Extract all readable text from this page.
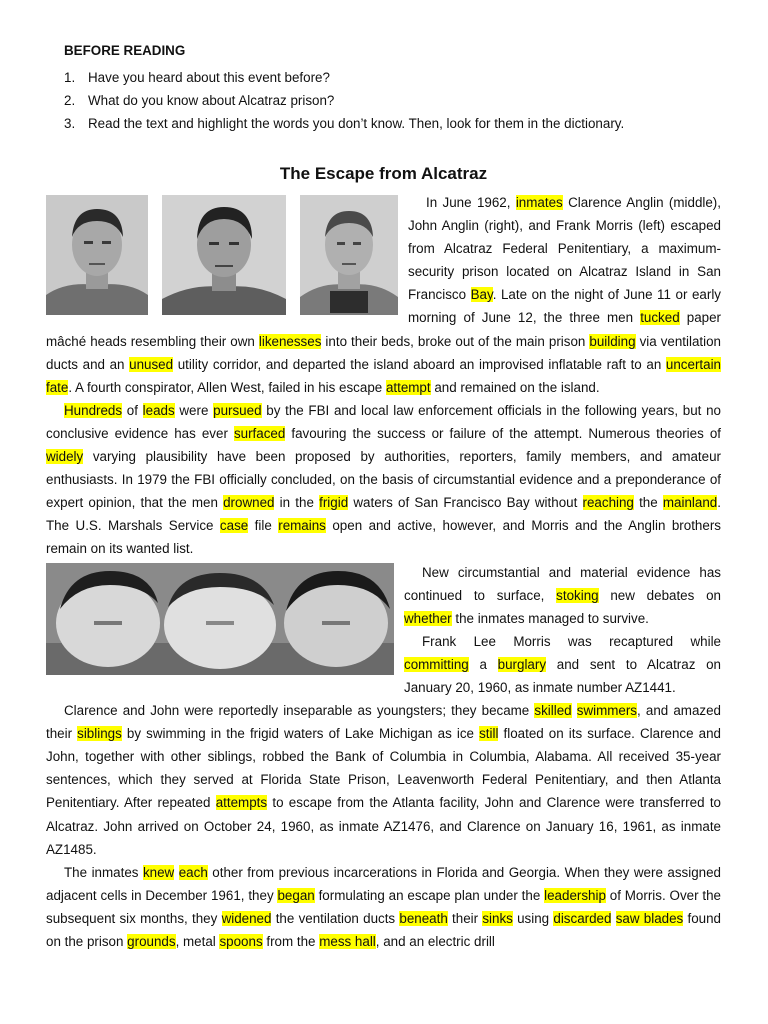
BEFORE READING
1. Have you heard about this event before?
2. What do you know about Alcatraz prison?
3. Read the text and highlight the words you don’t know. Then, look for them in the dictionary.
The Escape from Alcatraz

In June 1962, inmates Clarence Anglin (middle), John Anglin (right), and Frank Morris (left) escaped from Alcatraz Federal Penitentiary, a maximum-security prison located on Alcatraz Island in San Francisco Bay. Late on the night of June 11 or early morning of June 12, the three men tucked paper mâché heads resembling their own likenesses into their beds, broke out of the main prison building via ventilation ducts and an unused utility corridor, and departed the island aboard an improvised inflatable raft to an uncertain fate. A fourth conspirator, Allen West, failed in his escape attempt and remained on the island.

Hundreds of leads were pursued by the FBI and local law enforcement officials in the following years, but no conclusive evidence has ever surfaced favouring the success or failure of the attempt. Numerous theories of widely varying plausibility have been proposed by authorities, reporters, family members, and amateur enthusiasts. In 1979 the FBI officially concluded, on the basis of circumstantial evidence and a preponderance of expert opinion, that the men drowned in the frigid waters of San Francisco Bay without reaching the mainland. The U.S. Marshals Service case file remains open and active, however, and Morris and the Anglin brothers remain on its wanted list.

New circumstantial and material evidence has continued to surface, stoking new debates on whether the inmates managed to survive.
Frank Lee Morris was recaptured while committing a burglary and sent to Alcatraz on January 20, 1960, as inmate number AZ1441.

Clarence and John were reportedly inseparable as youngsters; they became skilled swimmers, and amazed their siblings by swimming in the frigid waters of Lake Michigan as ice still floated on its surface. Clarence and John, together with other siblings, robbed the Bank of Columbia in Columbia, Alabama. All received 35-year sentences, which they served at Florida State Prison, Leavenworth Federal Penitentiary, and then Atlanta Penitentiary. After repeated attempts to escape from the Atlanta facility, John and Clarence were transferred to Alcatraz. John arrived on October 24, 1960, as inmate AZ1476, and Clarence on January 16, 1961, as inmate AZ1485.

The inmates knew each other from previous incarcerations in Florida and Georgia. When they were assigned adjacent cells in December 1961, they began formulating an escape plan under the leadership of Morris. Over the subsequent six months, they widened the ventilation ducts beneath their sinks using discarded saw blades found on the prison grounds, metal spoons from the mess hall, and an electric drill
